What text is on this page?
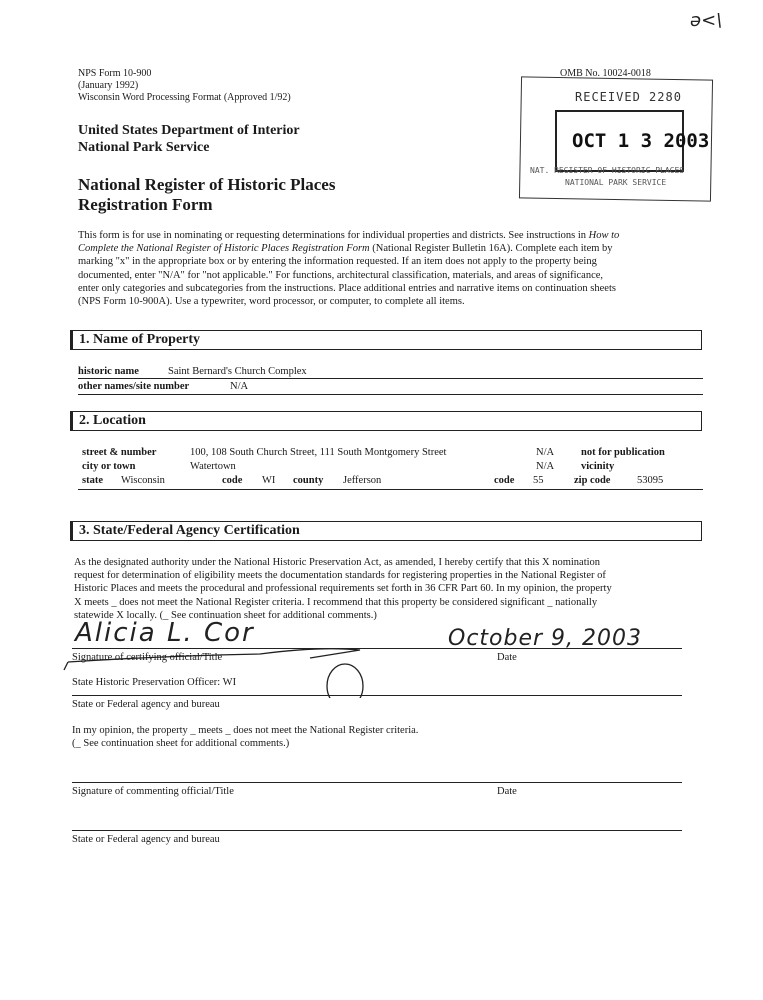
ə<\
NPS Form 10-900
(January 1992)
Wisconsin Word Processing Format (Approved 1/92)
OMB No. 10024-0018
RECEIVED 2280
OCT 1 3 2003
NAT. REGISTER OF HISTORIC PLACES
NATIONAL PARK SERVICE
United States Department of Interior
National Park Service
National Register of Historic Places
Registration Form
This form is for use in nominating or requesting determinations for individual properties and districts. See instructions in How to
Complete the National Register of Historic Places Registration Form (National Register Bulletin 16A). Complete each item by
marking "x" in the appropriate box or by entering the information requested. If an item does not apply to the property being
documented, enter "N/A" for "not applicable." For functions, architectural classification, materials, and areas of significance,
enter only categories and subcategories from the instructions. Place additional entries and narrative items on continuation sheets
(NPS Form 10-900A). Use a typewriter, word processor, or computer, to complete all items.
1. Name of Property
historic name	Saint Bernard's Church Complex
other names/site number	N/A
2. Location
street & number	100, 108 South Church Street, 111 South Montgomery Street	N/A	not for publication
city or town	Watertown	N/A	vicinity
state Wisconsin	code WI county Jefferson	code 55	zip code	53095
3. State/Federal Agency Certification
As the designated authority under the National Historic Preservation Act, as amended, I hereby certify that this X nomination
request for determination of eligibility meets the documentation standards for registering properties in the National Register of
Historic Places and meets the procedural and professional requirements set forth in 36 CFR Part 60. In my opinion, the property
X meets _ does not meet the National Register criteria. I recommend that this property be considered significant _ nationally
statewide X locally. (_ See continuation sheet for additional comments.)
Alicia L. Cor	October 9, 2003
Signature of certifying official/Title	Date
State Historic Preservation Officer: WI
State or Federal agency and bureau
In my opinion, the property _ meets _ does not meet the National Register criteria.
(_ See continuation sheet for additional comments.)
Signature of commenting official/Title	Date
State or Federal agency and bureau
